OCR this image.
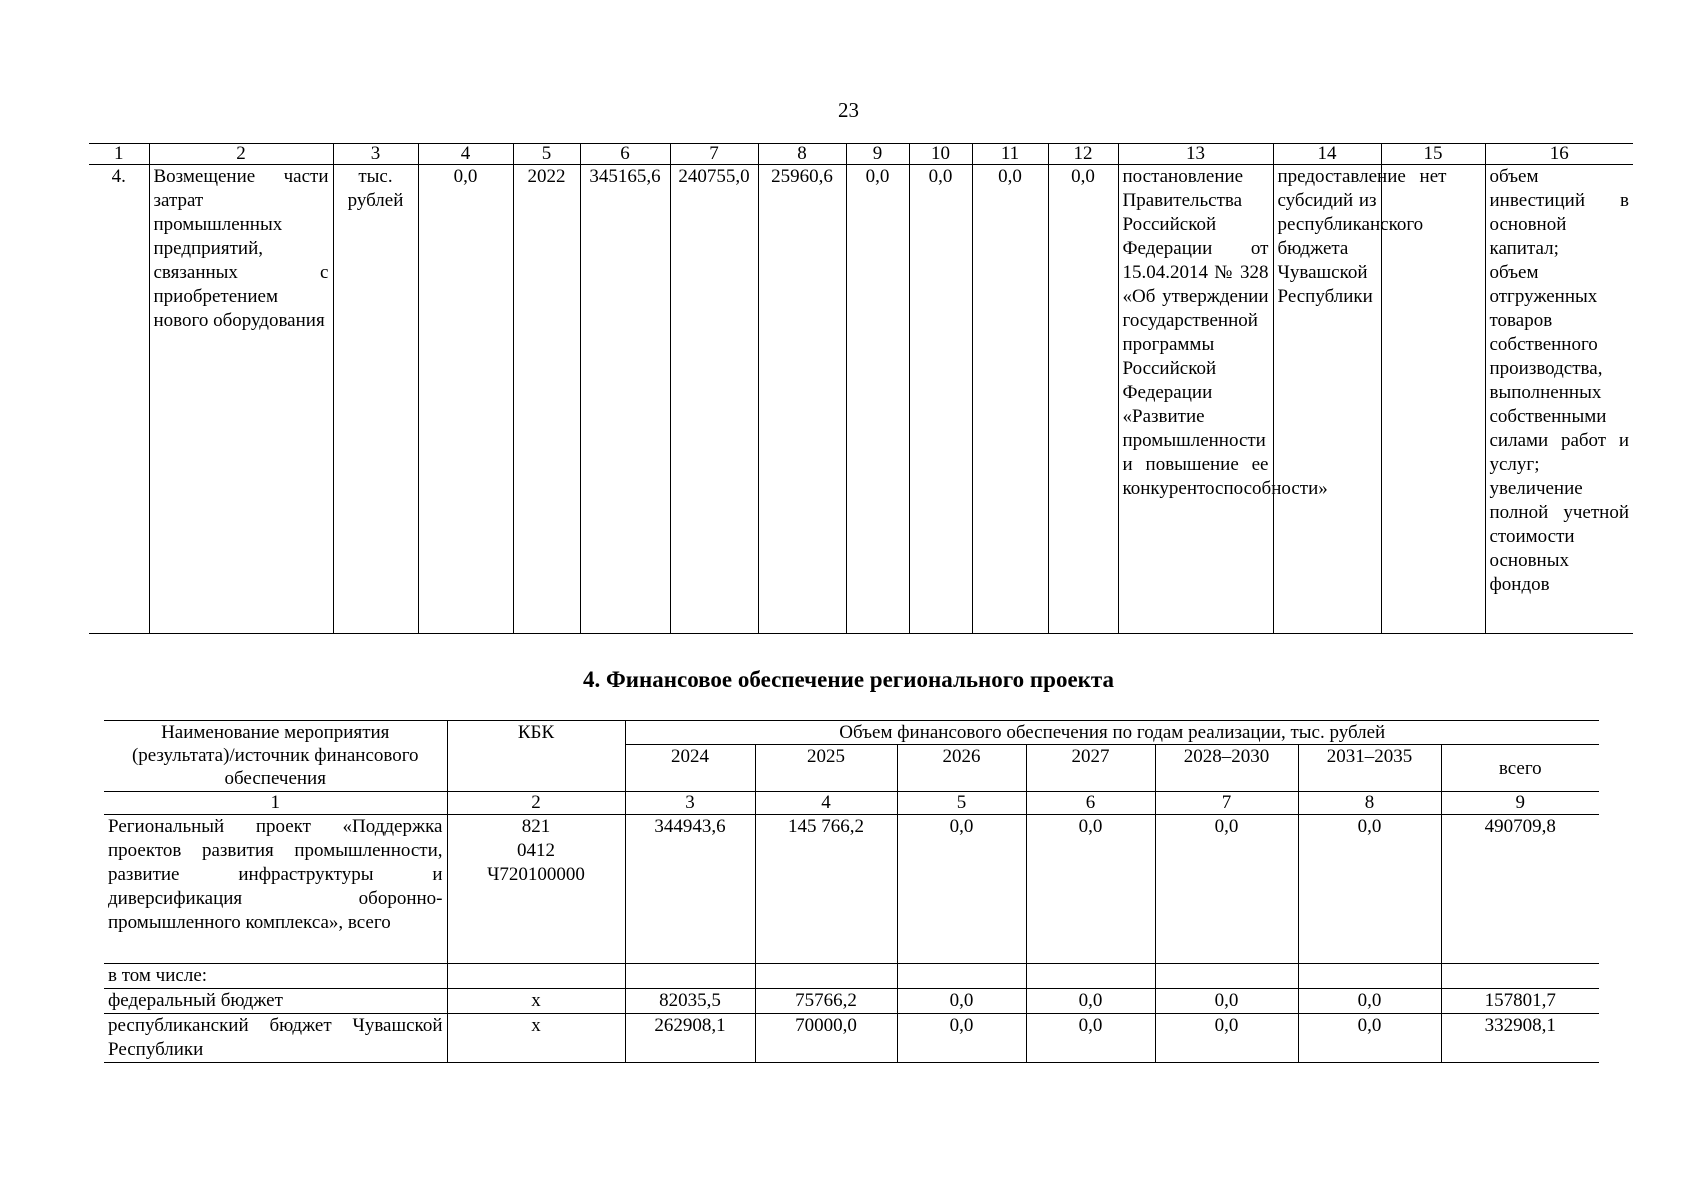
23
1	2	3	4	5	6	7	8	9	10	11	12	13	14	15	16
4.	Возмещение части затрат промышленных предприятий, связанных с приобретением нового оборудования	тыс. рублей	0,0	2022	345165,6	240755,0	25960,6	0,0	0,0	0,0	0,0	постановление Правительства Российской Федерации от 15.04.2014 № 328 «Об утверждении государственной программы Российской Федерации «Развитие промышленности и повышение ее конкурентоспособности»	предоставление субсидий из республиканского бюджета Чувашской Республики	нет	объем инвестиций в основной капитал;
объем отгруженных товаров собственного производства, выполненных собственными силами работ и услуг;
увеличение полной учетной стоимости основных фондов
4. Финансовое обеспечение регионального проекта
Наименование мероприятия (результата)/источник финансового обеспечения	КБК	Объем финансового обеспечения по годам реализации, тыс. рублей						
		2024	2025	2026	2027	2028–2030	2031–2035	всего
1	2	3	4	5	6	7	8	9
Региональный проект «Поддержка проектов развития промышленности, развитие инфраструктуры и диверсификация оборонно-промышленного комплекса», всего	821
0412
Ч720100000	344943,6	145 766,2	0,0	0,0	0,0	0,0	490709,8
в том числе:								
федеральный бюджет	x	82035,5	75766,2	0,0	0,0	0,0	0,0	157801,7
республиканский бюджет Чувашской Республики	x	262908,1	70000,0	0,0	0,0	0,0	0,0	332908,1
